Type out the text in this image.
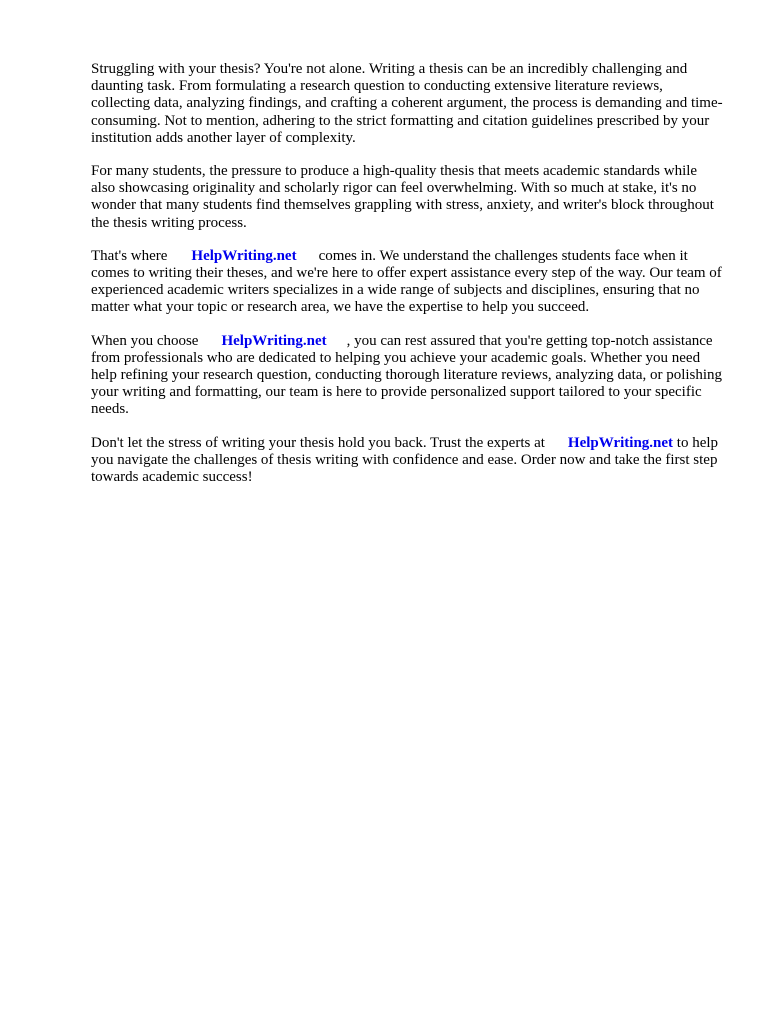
Struggling with your thesis? You're not alone. Writing a thesis can be an incredibly challenging and daunting task. From formulating a research question to conducting extensive literature reviews, collecting data, analyzing findings, and crafting a coherent argument, the process is demanding and time-consuming. Not to mention, adhering to the strict formatting and citation guidelines prescribed by your institution adds another layer of complexity.

For many students, the pressure to produce a high-quality thesis that meets academic standards while also showcasing originality and scholarly rigor can feel overwhelming. With so much at stake, it's no wonder that many students find themselves grappling with stress, anxiety, and writer's block throughout the thesis writing process.

That's where HelpWriting.net comes in. We understand the challenges students face when it comes to writing their theses, and we're here to offer expert assistance every step of the way. Our team of experienced academic writers specializes in a wide range of subjects and disciplines, ensuring that no matter what your topic or research area, we have the expertise to help you succeed.

When you choose HelpWriting.net , you can rest assured that you're getting top-notch assistance from professionals who are dedicated to helping you achieve your academic goals. Whether you need help refining your research question, conducting thorough literature reviews, analyzing data, or polishing your writing and formatting, our team is here to provide personalized support tailored to your specific needs.

Don't let the stress of writing your thesis hold you back. Trust the experts at HelpWriting.net to help you navigate the challenges of thesis writing with confidence and ease. Order now and take the first step towards academic success!
